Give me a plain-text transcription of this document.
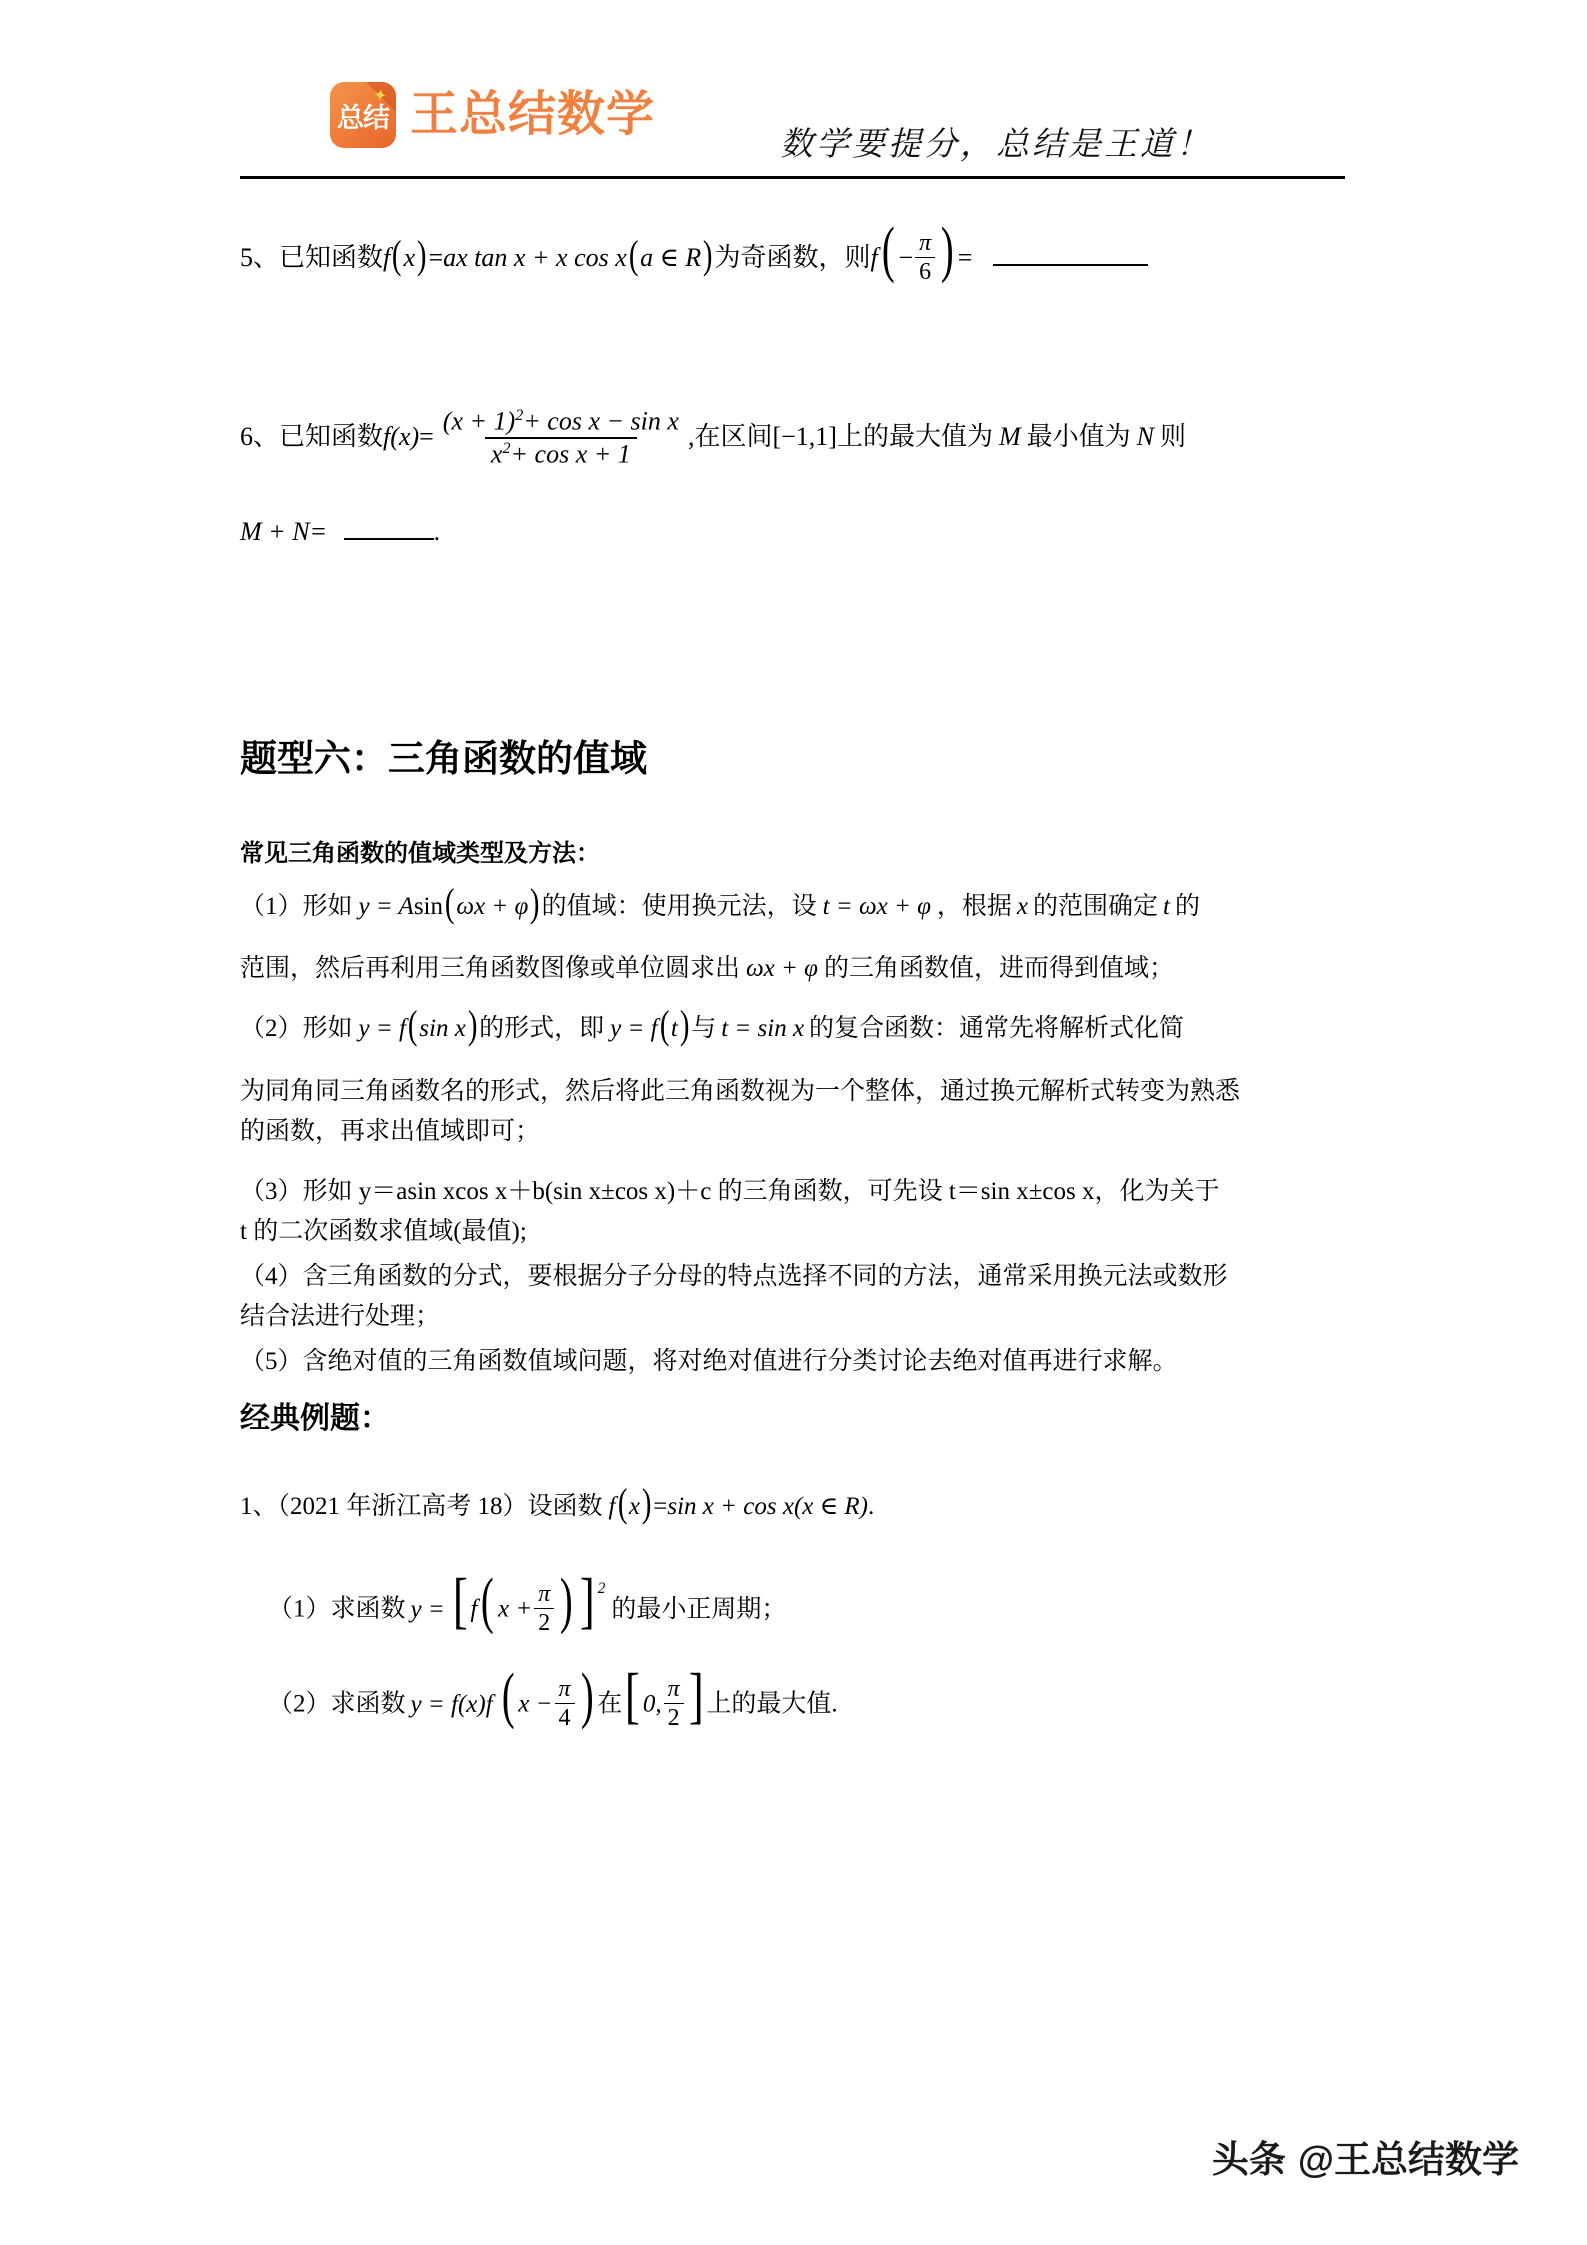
✦
总结 王总结数学
数学要提分，总结是王道！
5、已知函数f(x)=ax tan x + x cos x(a ∈ R)为奇函数，则$f( - \frac{\pi}{6}$ ) =
6、已知函数$f(x)= \frac{(x + 1)^2+ \cos x - \sin x}{x^2+ \cos x + 1}$ ,在区间[−1,1]上的最大值为 M 最小值为 N 则
M + N=	.
题型六：三角函数的值域
常见三角函数的值域类型及方法：
（1）形如 y = Asin(ωx + φ)的值域：使用换元法，设 t = ωx + φ ，根据 x 的范围确定 t 的
范围，然后再利用三角函数图像或单位圆求出 ωx + φ 的三角函数值，进而得到值域；
（2）形如 y = f(sin x)的形式，即 y = f(t)与 t = sin x 的复合函数：通常先将解析式化简
为同角同三角函数名的形式，然后将此三角函数视为一个整体，通过换元解析式转变为熟悉
的函数，再求出值域即可；
（3）形如 y＝asin xcos x＋b(sin x±cos x)＋c 的三角函数，可先设 t＝sin x±cos x，化为关于
t 的二次函数求值域(最值);
（4）含三角函数的分式，要根据分子分母的特点选择不同的方法，通常采用换元法或数形
结合法进行处理；
（5）含绝对值的三角函数值域问题，将对绝对值进行分类讨论去绝对值再进行求解。
经典例题：
1、（2021 年浙江高考 18）设函数 f(x)=sin x + cos x(x ∈ R).
（1）求函数 y = [ f( $x + \frac{\pi}{2}$ ) ] $^2$的最小正周期；
（2）求函数 y = f(x)f ( $x - \frac{\pi}{4}$ ) 在[ 0, $\frac{\pi}{2}$ ] 上的最大值.
头条 @王总结数学
